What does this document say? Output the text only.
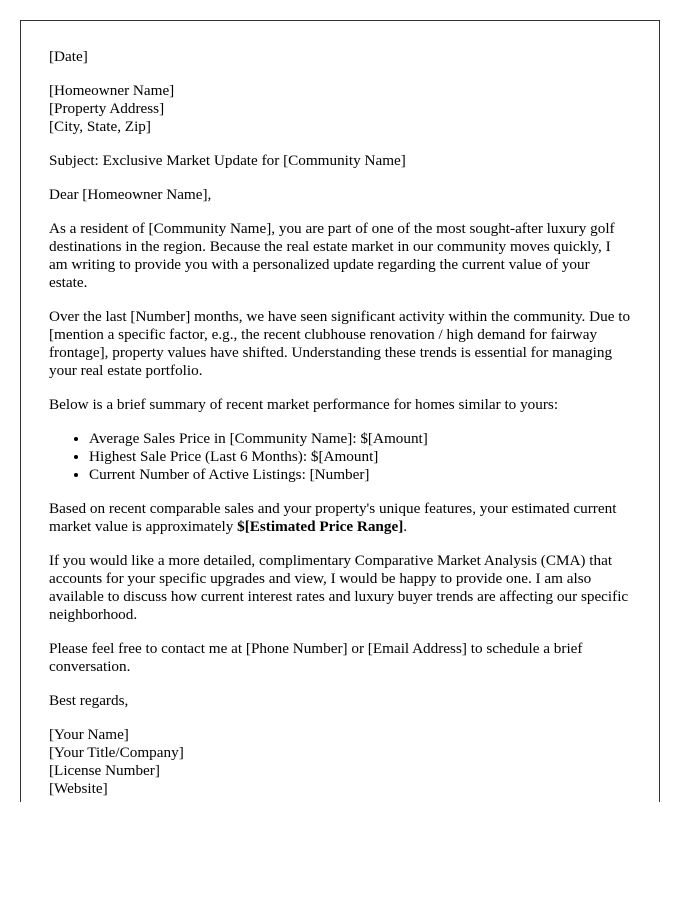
[Date]
[Homeowner Name]
[Property Address]
[City, State, Zip]

Subject: Exclusive Market Update for [Community Name]

Dear [Homeowner Name],

As a resident of [Community Name], you are part of one of the most sought-after luxury golf destinations in the region. Because the real estate market in our community moves quickly, I am writing to provide you with a personalized update regarding the current value of your estate.

Over the last [Number] months, we have seen significant activity within the community. Due to [mention a specific factor, e.g., the recent clubhouse renovation / high demand for fairway frontage], property values have shifted. Understanding these trends is essential for managing your real estate portfolio.

Below is a brief summary of recent market performance for homes similar to yours:

• Average Sales Price in [Community Name]: $[Amount]
• Highest Sale Price (Last 6 Months): $[Amount]
• Current Number of Active Listings: [Number]

Based on recent comparable sales and your property's unique features, your estimated current market value is approximately $[Estimated Price Range].

If you would like a more detailed, complimentary Comparative Market Analysis (CMA) that accounts for your specific upgrades and view, I would be happy to provide one. I am also available to discuss how current interest rates and luxury buyer trends are affecting our specific neighborhood.

Please feel free to contact me at [Phone Number] or [Email Address] to schedule a brief conversation.

Best regards,

[Your Name]
[Your Title/Company]
[License Number]
[Website]
